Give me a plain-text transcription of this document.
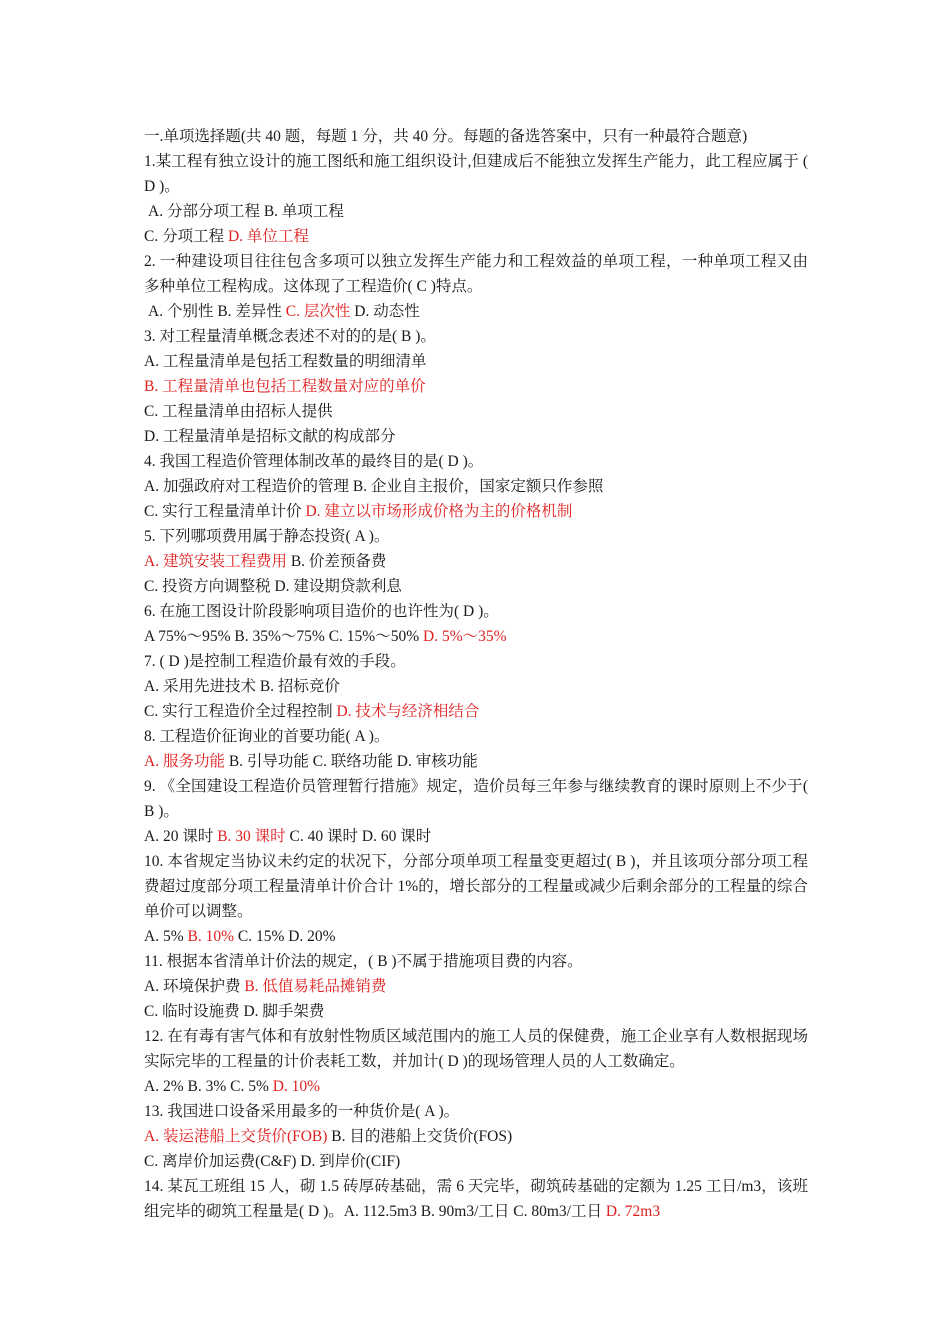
一.单项选择题(共 40 题，每题 1 分，共 40 分。每题的备选答案中，只有一种最符合题意)
1.某工程有独立设计的施工图纸和施工组织设计,但建成后不能独立发挥生产能力，此工程应属于 ( D )。
A. 分部分项工程 B. 单项工程
C. 分项工程 D. 单位工程
2. 一种建设项目往往包含多项可以独立发挥生产能力和工程效益的单项工程，一种单项工程又由多种单位工程构成。这体现了工程造价( C )特点。
A. 个别性 B. 差异性 C. 层次性 D. 动态性
3. 对工程量清单概念表述不对的的是( B )。
A. 工程量清单是包括工程数量的明细清单
B. 工程量清单也包括工程数量对应的单价
C. 工程量清单由招标人提供
D. 工程量清单是招标文献的构成部分
4. 我国工程造价管理体制改革的最终目的是( D )。
A. 加强政府对工程造价的管理 B. 企业自主报价，国家定额只作参照
C. 实行工程量清单计价 D. 建立以市场形成价格为主的价格机制
5. 下列哪项费用属于静态投资( A )。
A. 建筑安装工程费用 B. 价差预备费
C. 投资方向调整税 D. 建设期贷款利息
6. 在施工图设计阶段影响项目造价的也许性为( D )。
A 75%～95% B. 35%～75% C. 15%～50% D. 5%～35%
7. ( D )是控制工程造价最有效的手段。
A. 采用先进技术 B. 招标竞价
C. 实行工程造价全过程控制 D. 技术与经济相结合
8. 工程造价征询业的首要功能( A )。
A. 服务功能 B. 引导功能 C. 联络功能 D. 审核功能
9. 《全国建设工程造价员管理暂行措施》规定，造价员每三年参与继续教育的课时原则上不少于( B )。
A. 20 课时 B. 30 课时 C. 40 课时 D. 60 课时
10. 本省规定当协议未约定的状况下，分部分项单项工程量变更超过( B )，并且该项分部分项工程费超过度部分项工程量清单计价合计 1%的，增长部分的工程量或减少后剩余部分的工程量的综合单价可以调整。
A. 5% B. 10% C. 15% D. 20%
11. 根据本省清单计价法的规定，( B )不属于措施项目费的内容。
A. 环境保护费 B. 低值易耗品摊销费
C. 临时设施费 D. 脚手架费
12. 在有毒有害气体和有放射性物质区域范围内的施工人员的保健费，施工企业享有人数根据现场实际完毕的工程量的计价表耗工数，并加计( D )的现场管理人员的人工数确定。
A. 2% B. 3% C. 5% D. 10%
13. 我国进口设备采用最多的一种货价是( A )。
A. 装运港船上交货价(FOB) B. 目的港船上交货价(FOS)
C. 离岸价加运费(C&F) D. 到岸价(CIF)
14. 某瓦工班组 15 人，砌 1.5 砖厚砖基础，需 6 天完毕，砌筑砖基础的定额为 1.25 工日/m3，该班组完毕的砌筑工程量是( D )。A. 112.5m3 B. 90m3/工日 C. 80m3/工日 D. 72m3
